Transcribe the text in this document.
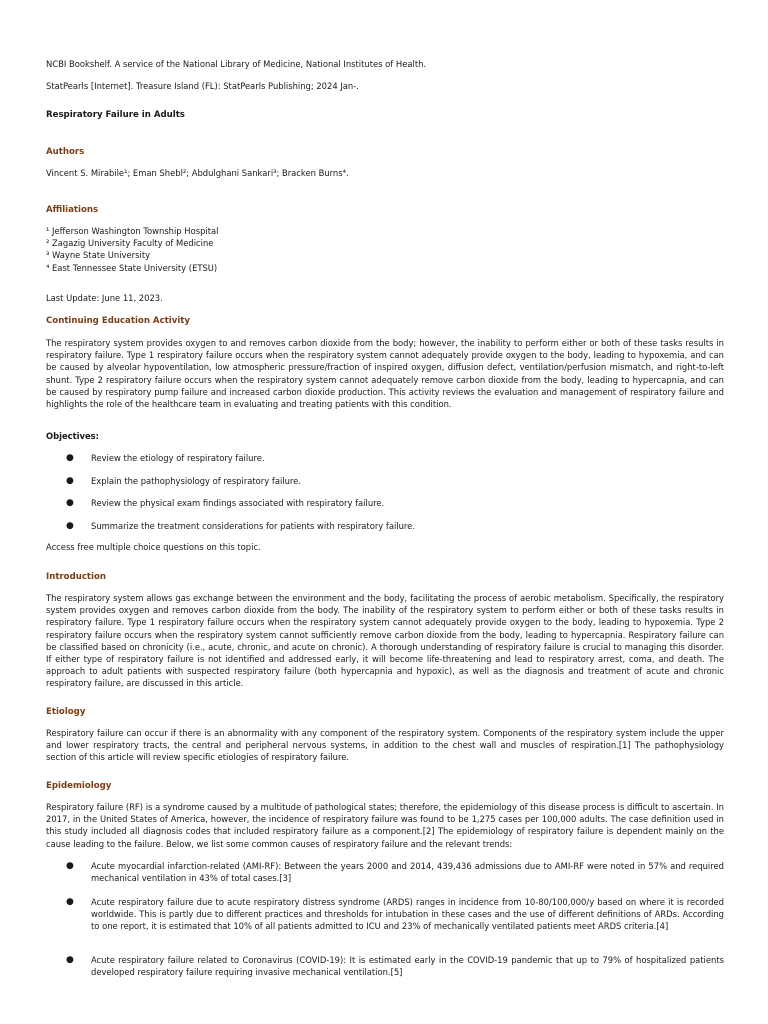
NCBI Bookshelf. A service of the National Library of Medicine, National Institutes of Health.
StatPearls [Internet]. Treasure Island (FL): StatPearls Publishing; 2024 Jan-.
Respiratory Failure in Adults
Authors
Vincent S. Mirabile¹; Eman Shebl²; Abdulghani Sankari³; Bracken Burns⁴.
Affiliations
¹ Jefferson Washington Township Hospital
² Zagazig University Faculty of Medicine
³ Wayne State University
⁴ East Tennessee State University (ETSU)
Last Update: June 11, 2023.
Continuing Education Activity
The respiratory system provides oxygen to and removes carbon dioxide from the body; however, the inability to perform either or both of these tasks results in respiratory failure. Type 1 respiratory failure occurs when the respiratory system cannot adequately provide oxygen to the body, leading to hypoxemia, and can be caused by alveolar hypoventilation, low atmospheric pressure/fraction of inspired oxygen, diffusion defect, ventilation/perfusion mismatch, and right-to-left shunt. Type 2 respiratory failure occurs when the respiratory system cannot adequately remove carbon dioxide from the body, leading to hypercapnia, and can be caused by respiratory pump failure and increased carbon dioxide production. This activity reviews the evaluation and management of respiratory failure and highlights the role of the healthcare team in evaluating and treating patients with this condition.
Objectives:
● Review the etiology of respiratory failure.
● Explain the pathophysiology of respiratory failure.
● Review the physical exam findings associated with respiratory failure.
● Summarize the treatment considerations for patients with respiratory failure.
Access free multiple choice questions on this topic.
Introduction
The respiratory system allows gas exchange between the environment and the body, facilitating the process of aerobic metabolism. Specifically, the respiratory system provides oxygen and removes carbon dioxide from the body. The inability of the respiratory system to perform either or both of these tasks results in respiratory failure. Type 1 respiratory failure occurs when the respiratory system cannot adequately provide oxygen to the body, leading to hypoxemia. Type 2 respiratory failure occurs when the respiratory system cannot sufficiently remove carbon dioxide from the body, leading to hypercapnia. Respiratory failure can be classified based on chronicity (i.e., acute, chronic, and acute on chronic). A thorough understanding of respiratory failure is crucial to managing this disorder. If either type of respiratory failure is not identified and addressed early, it will become life-threatening and lead to respiratory arrest, coma, and death. The approach to adult patients with suspected respiratory failure (both hypercapnia and hypoxic), as well as the diagnosis and treatment of acute and chronic respiratory failure, are discussed in this article.
Etiology
Respiratory failure can occur if there is an abnormality with any component of the respiratory system. Components of the respiratory system include the upper and lower respiratory tracts, the central and peripheral nervous systems, in addition to the chest wall and muscles of respiration.[1] The pathophysiology section of this article will review specific etiologies of respiratory failure.
Epidemiology
Respiratory failure (RF) is a syndrome caused by a multitude of pathological states; therefore, the epidemiology of this disease process is difficult to ascertain. In 2017, in the United States of America, however, the incidence of respiratory failure was found to be 1,275 cases per 100,000 adults. The case definition used in this study included all diagnosis codes that included respiratory failure as a component.[2] The epidemiology of respiratory failure is dependent mainly on the cause leading to the failure. Below, we list some common causes of respiratory failure and the relevant trends:
● Acute myocardial infarction-related (AMI-RF): Between the years 2000 and 2014, 439,436 admissions due to AMI-RF were noted in 57% and required mechanical ventilation in 43% of total cases.[3]
● Acute respiratory failure due to acute respiratory distress syndrome (ARDS) ranges in incidence from 10-80/100,000/y based on where it is recorded worldwide. This is partly due to different practices and thresholds for intubation in these cases and the use of different definitions of ARDs. According to one report, it is estimated that 10% of all patients admitted to ICU and 23% of mechanically ventilated patients meet ARDS criteria.[4]
● Acute respiratory failure related to Coronavirus (COVID-19): It is estimated early in the COVID-19 pandemic that up to 79% of hospitalized patients developed respiratory failure requiring invasive mechanical ventilation.[5]
